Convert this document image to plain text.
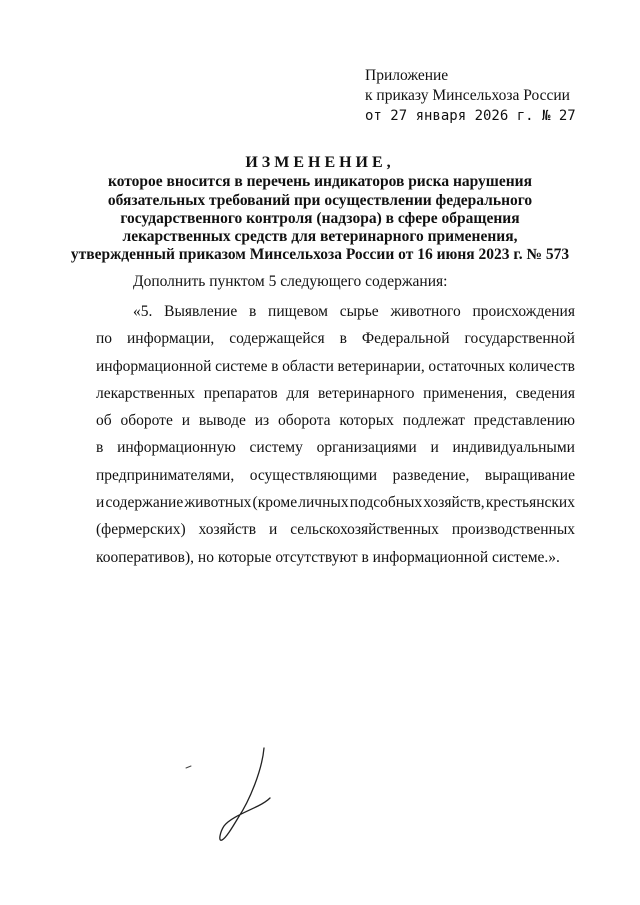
Приложение
к приказу Минсельхоза России
от 27 января 2026 г. № 27
ИЗМЕНЕНИЕ,
которое вносится в перечень индикаторов риска нарушения
обязательных требований при осуществлении федерального
государственного контроля (надзора) в сфере обращения
лекарственных средств для ветеринарного применения,
утвержденный приказом Минсельхоза России от 16 июня 2023 г. № 573
Дополнить пунктом 5 следующего содержания:
«5. Выявление в пищевом сырье животного происхождения
по информации, содержащейся в Федеральной государственной
информационной системе в области ветеринарии, остаточных количеств
лекарственных препаратов для ветеринарного применения, сведения
об обороте и выводе из оборота которых подлежат представлению
в информационную систему организациями и индивидуальными
предпринимателями, осуществляющими разведение, выращивание
и содержание животных (кроме личных подсобных хозяйств, крестьянских
(фермерских) хозяйств и сельскохозяйственных производственных
кооперативов), но которые отсутствуют в информационной системе.».
